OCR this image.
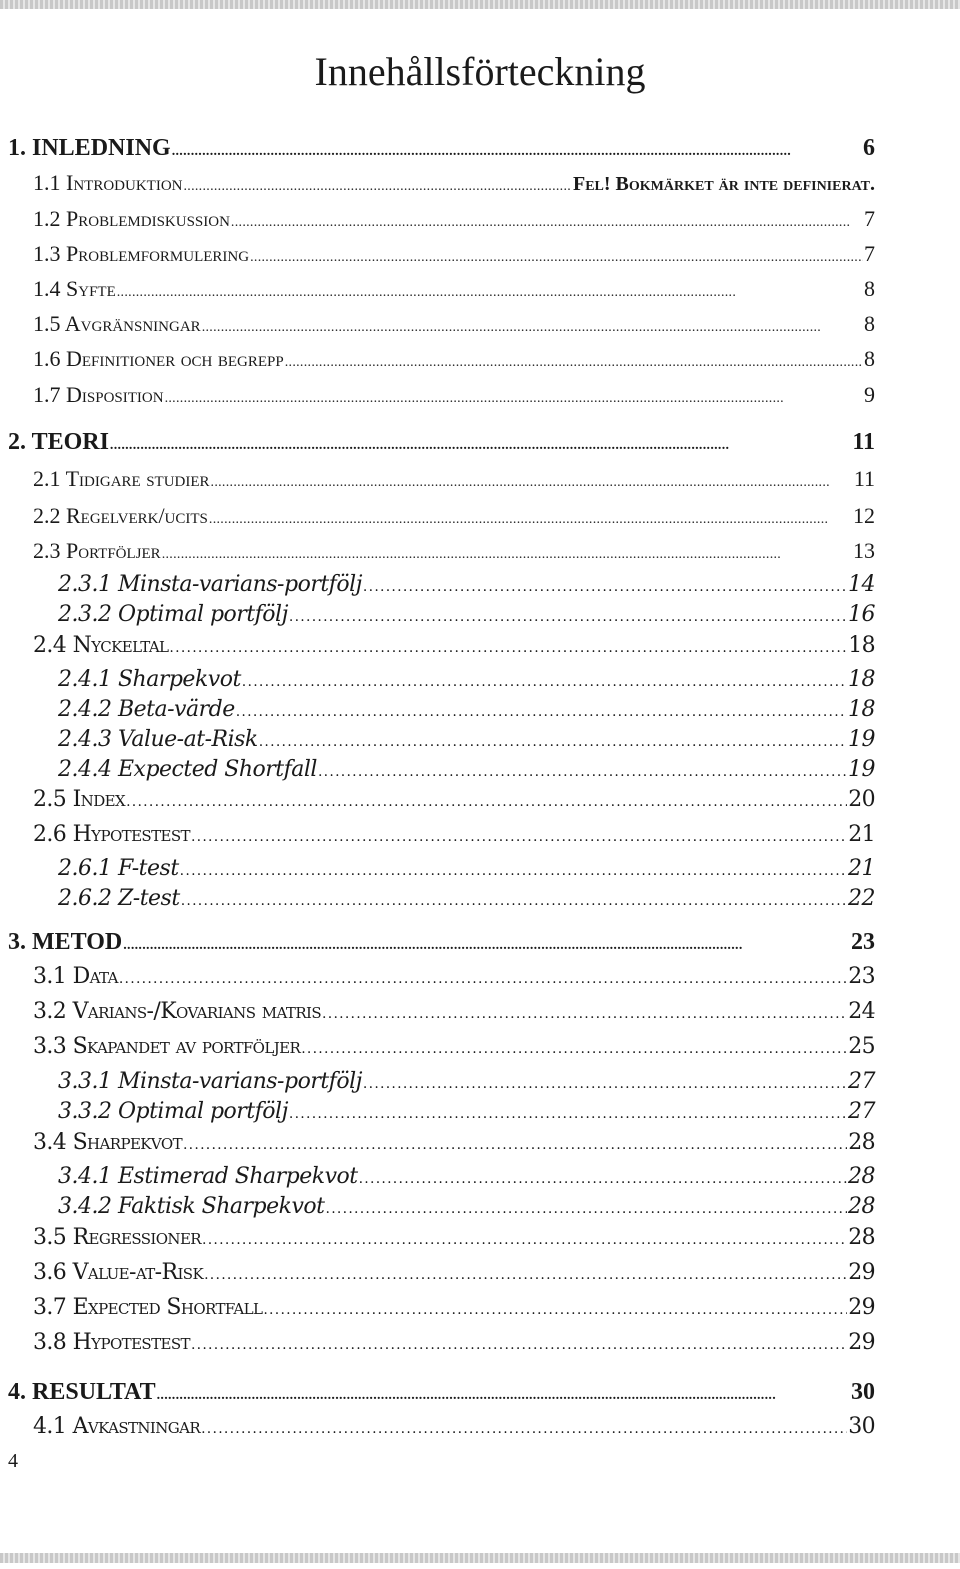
Innehållsförteckning
1. INLEDNING . . .	6
1.1 Introduktion . . .	Fel! Bokmärket är inte definierat.
1.2 Problemdiskussion . . .	7
1.3 Problemformulering . . .	7
1.4 Syfte . . .	8
1.5 Avgränsningar . . .	8
1.6 Definitioner och begrepp . . .	8
1.7 Disposition . . .	9
2. TEORI . . .	11
2.1 Tidigare studier . . .	11
2.2 Regelverk/ucits . . .	12
2.3 Portföljer . . .	13
2.3.1 Minsta-varians-portfölj . . .	14
2.3.2 Optimal portfölj . . .	16
2.4 Nyckeltal . . .	18
2.4.1 Sharpekvot . . .	18
2.4.2 Beta-värde . . .	18
2.4.3 Value-at-Risk . . .	19
2.4.4 Expected Shortfall . . .	19
2.5 Index . . .	20
2.6 Hypotestest . . .	21
2.6.1 F-test . . .	21
2.6.2 Z-test . . .	22
3. METOD . . .	23
3.1 Data . . .	23
3.2 Varians-/Kovarians matris . . .	24
3.3 Skapandet av portföljer . . .	25
3.3.1 Minsta-varians-portfölj . . .	27
3.3.2 Optimal portfölj . . .	27
3.4 Sharpekvot . . .	28
3.4.1 Estimerad Sharpekvot . . .	28
3.4.2 Faktisk Sharpekvot . . .	28
3.5 Regressioner . . .	28
3.6 Value-at-Risk . . .	29
3.7 Expected Shortfall . . .	29
3.8 Hypotestest . . .	29
4. RESULTAT . . .	30
4.1 Avkastningar . . .	30
4
